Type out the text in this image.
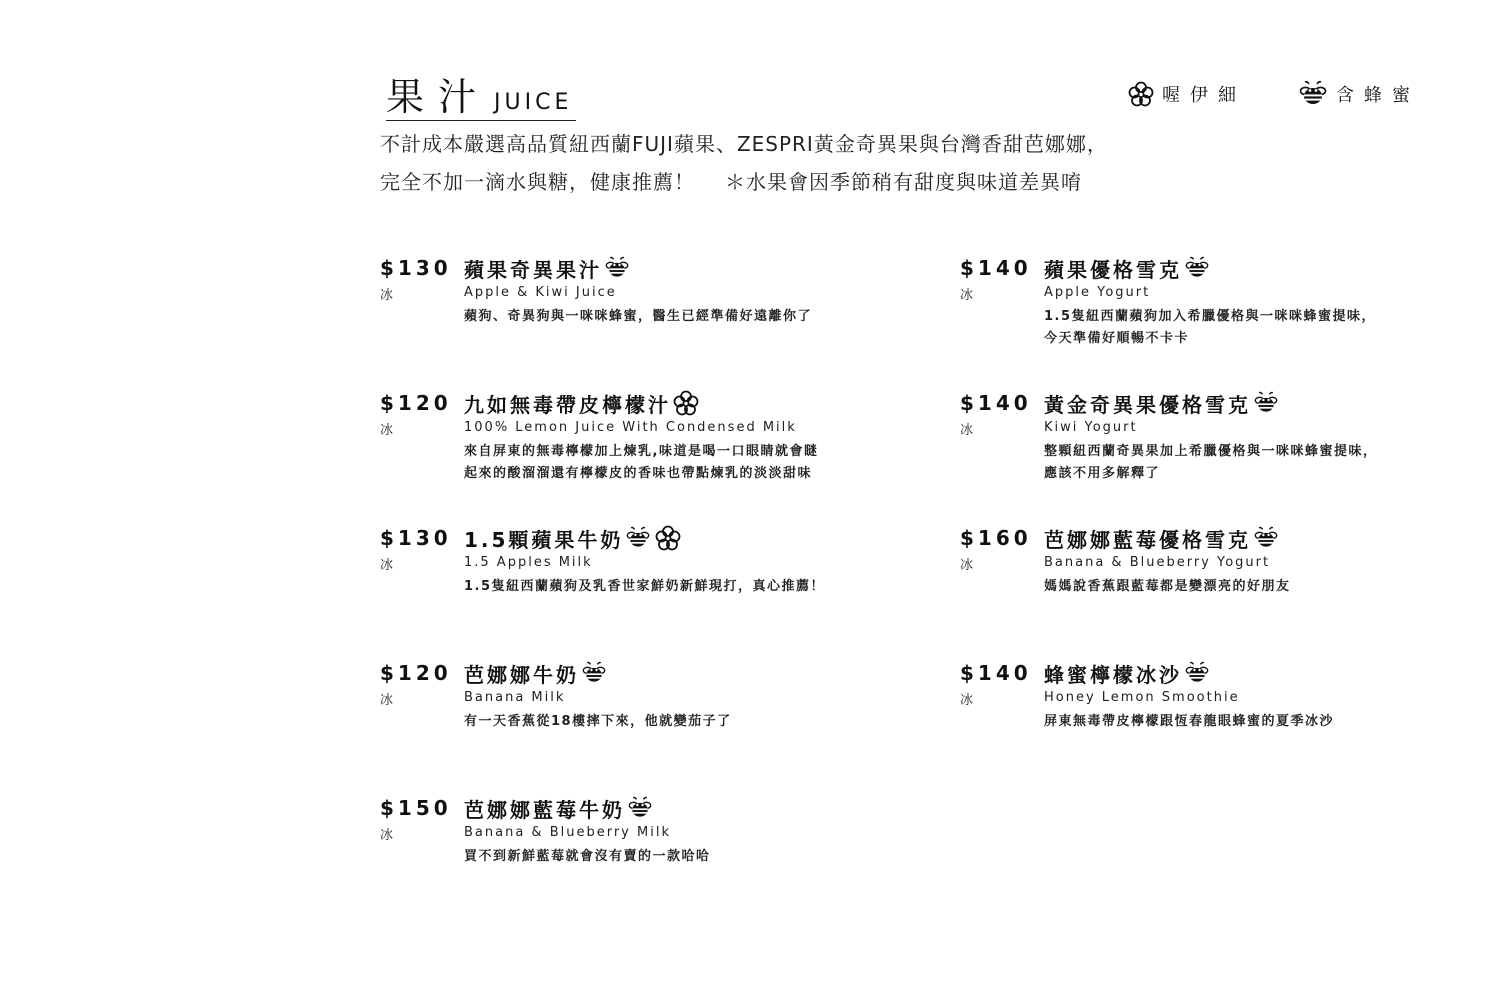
果汁 JUICE	喔伊細	含蜂蜜
不計成本嚴選高品質紐西蘭FUJI蘋果、ZESPRI黃金奇異果與台灣香甜芭娜娜，
完全不加一滴水與糖，健康推薦！ ＊水果會因季節稍有甜度與味道差異唷
$130
冰
蘋果奇異果汁
Apple & Kiwi Juice
蘋狗、奇異狗與一咪咪蜂蜜，醫生已經準備好遠離你了
$120
冰
九如無毒帶皮檸檬汁
100% Lemon Juice With Condensed Milk
來自屏東的無毒檸檬加上煉乳,味道是喝一口眼睛就會瞇
起來的酸溜溜還有檸檬皮的香味也帶點煉乳的淡淡甜味
$130
冰
1.5顆蘋果牛奶
1.5 Apples Milk
1.5隻紐西蘭蘋狗及乳香世家鮮奶新鮮現打，真心推薦！
$120
冰
芭娜娜牛奶
Banana Milk
有一天香蕉從18樓摔下來，他就變茄子了
$150
冰
芭娜娜藍莓牛奶
Banana & Blueberry Milk
買不到新鮮藍莓就會沒有賣的一款哈哈
$140
冰
蘋果優格雪克
Apple Yogurt
1.5隻紐西蘭蘋狗加入希臘優格與一咪咪蜂蜜提味，
今天準備好順暢不卡卡
$140
冰
黃金奇異果優格雪克
Kiwi Yogurt
整顆紐西蘭奇異果加上希臘優格與一咪咪蜂蜜提味，
應該不用多解釋了
$160
冰
芭娜娜藍莓優格雪克
Banana & Blueberry Yogurt
媽媽說香蕉跟藍莓都是變漂亮的好朋友
$140
冰
蜂蜜檸檬冰沙
Honey Lemon Smoothie
屏東無毒帶皮檸檬跟恆春龍眼蜂蜜的夏季冰沙
